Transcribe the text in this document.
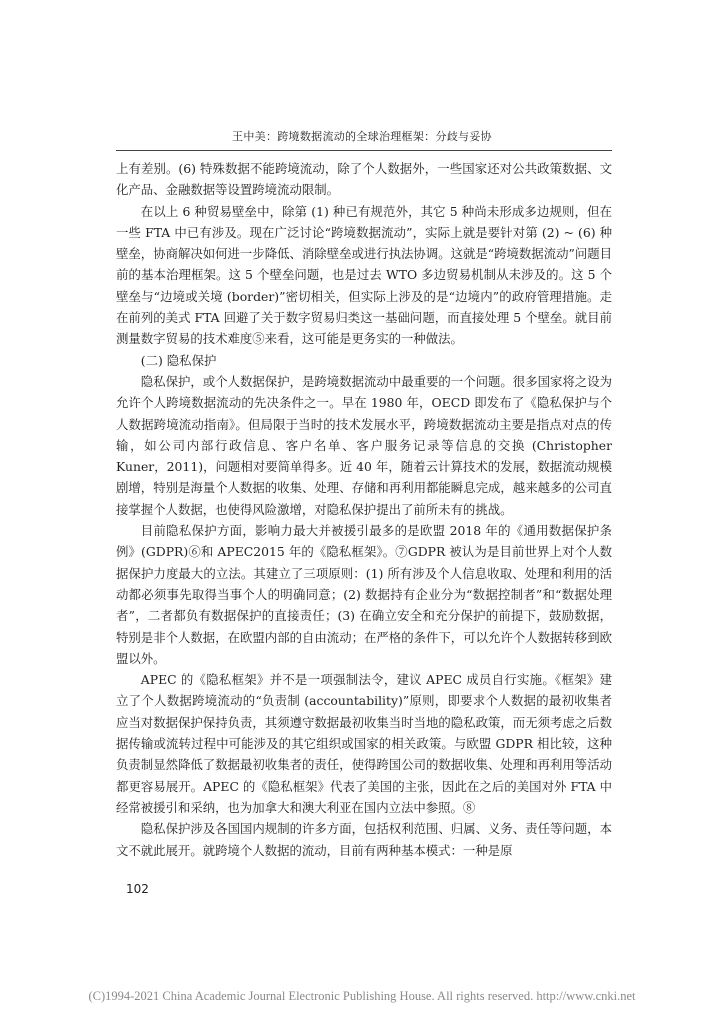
王中美：跨境数据流动的全球治理框架：分歧与妥协

上有差别。(6) 特殊数据不能跨境流动，除了个人数据外，一些国家还对公共政策数据、文化产品、金融数据等设置跨境流动限制。

在以上 6 种贸易壁垒中，除第 (1) 种已有规范外，其它 5 种尚未形成多边规则，但在一些 FTA 中已有涉及。现在广泛讨论“跨境数据流动”，实际上就是要针对第 (2) ~ (6) 种壁垒，协商解决如何进一步降低、消除壁垒或进行执法协调。这就是“跨境数据流动”问题目前的基本治理框架。这 5 个壁垒问题，也是过去 WTO 多边贸易机制从未涉及的。这 5 个壁垒与“边境或关境 (border)”密切相关，但实际上涉及的是“边境内”的政府管理措施。走在前列的美式 FTA 回避了关于数字贸易归类这一基础问题，而直接处理 5 个壁垒。就目前测量数字贸易的技术难度⑤来看，这可能是更务实的一种做法。

(二) 隐私保护

隐私保护，或个人数据保护，是跨境数据流动中最重要的一个问题。很多国家将之设为允许个人跨境数据流动的先决条件之一。早在 1980 年，OECD 即发布了《隐私保护与个人数据跨境流动指南》。但局限于当时的技术发展水平，跨境数据流动主要是指点对点的传输，如公司内部行政信息、客户名单、客户服务记录等信息的交换 (Christopher Kuner，2011)，问题相对要简单得多。近 40 年，随着云计算技术的发展，数据流动规模剧增，特别是海量个人数据的收集、处理、存储和再利用都能瞬息完成，越来越多的公司直接掌握个人数据，也使得风险激增，对隐私保护提出了前所未有的挑战。

目前隐私保护方面，影响力最大并被援引最多的是欧盟 2018 年的《通用数据保护条例》(GDPR)⑥和 APEC2015 年的《隐私框架》。⑦GDPR 被认为是目前世界上对个人数据保护力度最大的立法。其建立了三项原则：(1) 所有涉及个人信息收取、处理和利用的活动都必须事先取得当事个人的明确同意；(2) 数据持有企业分为“数据控制者”和“数据处理者”，二者都负有数据保护的直接责任；(3) 在确立安全和充分保护的前提下，鼓励数据，特别是非个人数据，在欧盟内部的自由流动；在严格的条件下，可以允许个人数据转移到欧盟以外。

APEC 的《隐私框架》并不是一项强制法令，建议 APEC 成员自行实施。《框架》建立了个人数据跨境流动的“负责制 (accountability)”原则，即要求个人数据的最初收集者应当对数据保护保持负责，其须遵守数据最初收集当时当地的隐私政策，而无须考虑之后数据传输或流转过程中可能涉及的其它组织或国家的相关政策。与欧盟 GDPR 相比较，这种负责制显然降低了数据最初收集者的责任，使得跨国公司的数据收集、处理和再利用等活动都更容易展开。APEC 的《隐私框架》代表了美国的主张，因此在之后的美国对外 FTA 中经常被援引和采纳，也为加拿大和澳大利亚在国内立法中参照。⑧

隐私保护涉及各国国内规制的许多方面，包括权利范围、归属、义务、责任等问题，本文不就此展开。就跨境个人数据的流动，目前有两种基本模式：一种是原

102
(C)1994-2021 China Academic Journal Electronic Publishing House. All rights reserved. http://www.cnki.net
